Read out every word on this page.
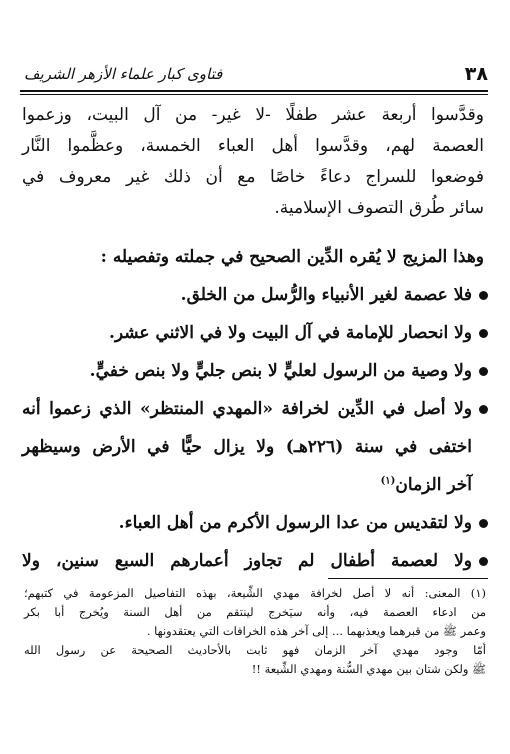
٣٨
فتاوى كبار علماء الأزهر الشريف
وقدَّسوا أربعة عشر طفلًا -لا غير- من آل البيت، وزعموا
العصمة لهم، وقدَّسوا أهل العباء الخمسة، وعظَّموا النَّار
فوضعوا للسراج دعاءً خاصًا مع أن ذلك غير معروف في
سائر طُرق التصوف الإسلامية.
وهذا المزيج لا يُقره الدِّين الصحيح في جملته وتفصيله :
فلا عصمة لغير الأنبياء والرُّسل من الخلق.
ولا انحصار للإمامة في آل البيت ولا في الاثني عشر.
ولا وصية من الرسول لعليٍّ لا بنص جليٍّ ولا بنص خفيٍّ.
ولا أصل في الدِّين لخرافة «المهدي المنتظر» الذي زعموا أنه
اختفى في سنة (٢٢٦هـ) ولا يزال حيًّا في الأرض وسيظهر
آخر الزمان$^{(١)}$
ولا لتقديس من عدا الرسول الأكرم من أهل العباء.
ولا لعصمة أطفال لم تجاوز أعمارهم السبع سنين، ولا
(١) المعنى: أنه لا أصل لخرافة مهدي الشِّيعة، بهذه التفاصيل المزعومة في كتبهم؛
من ادعاء العصمة فيه، وأنه سيَخرج لينتقم من أهل السنة ويُخرج أبا بكر
وعمر ﷺ من قبرهما ويعذبهما ... إلى آخر هذه الخرافات التي يعتقدونها .
أمّا وجود مهدي آخر الزمان فهو ثابت بالأحاديث الصحيحة عن رسول الله
ﷺ ولكن شتان بين مهدي السُّنة ومهدي الشِّيعة !!
